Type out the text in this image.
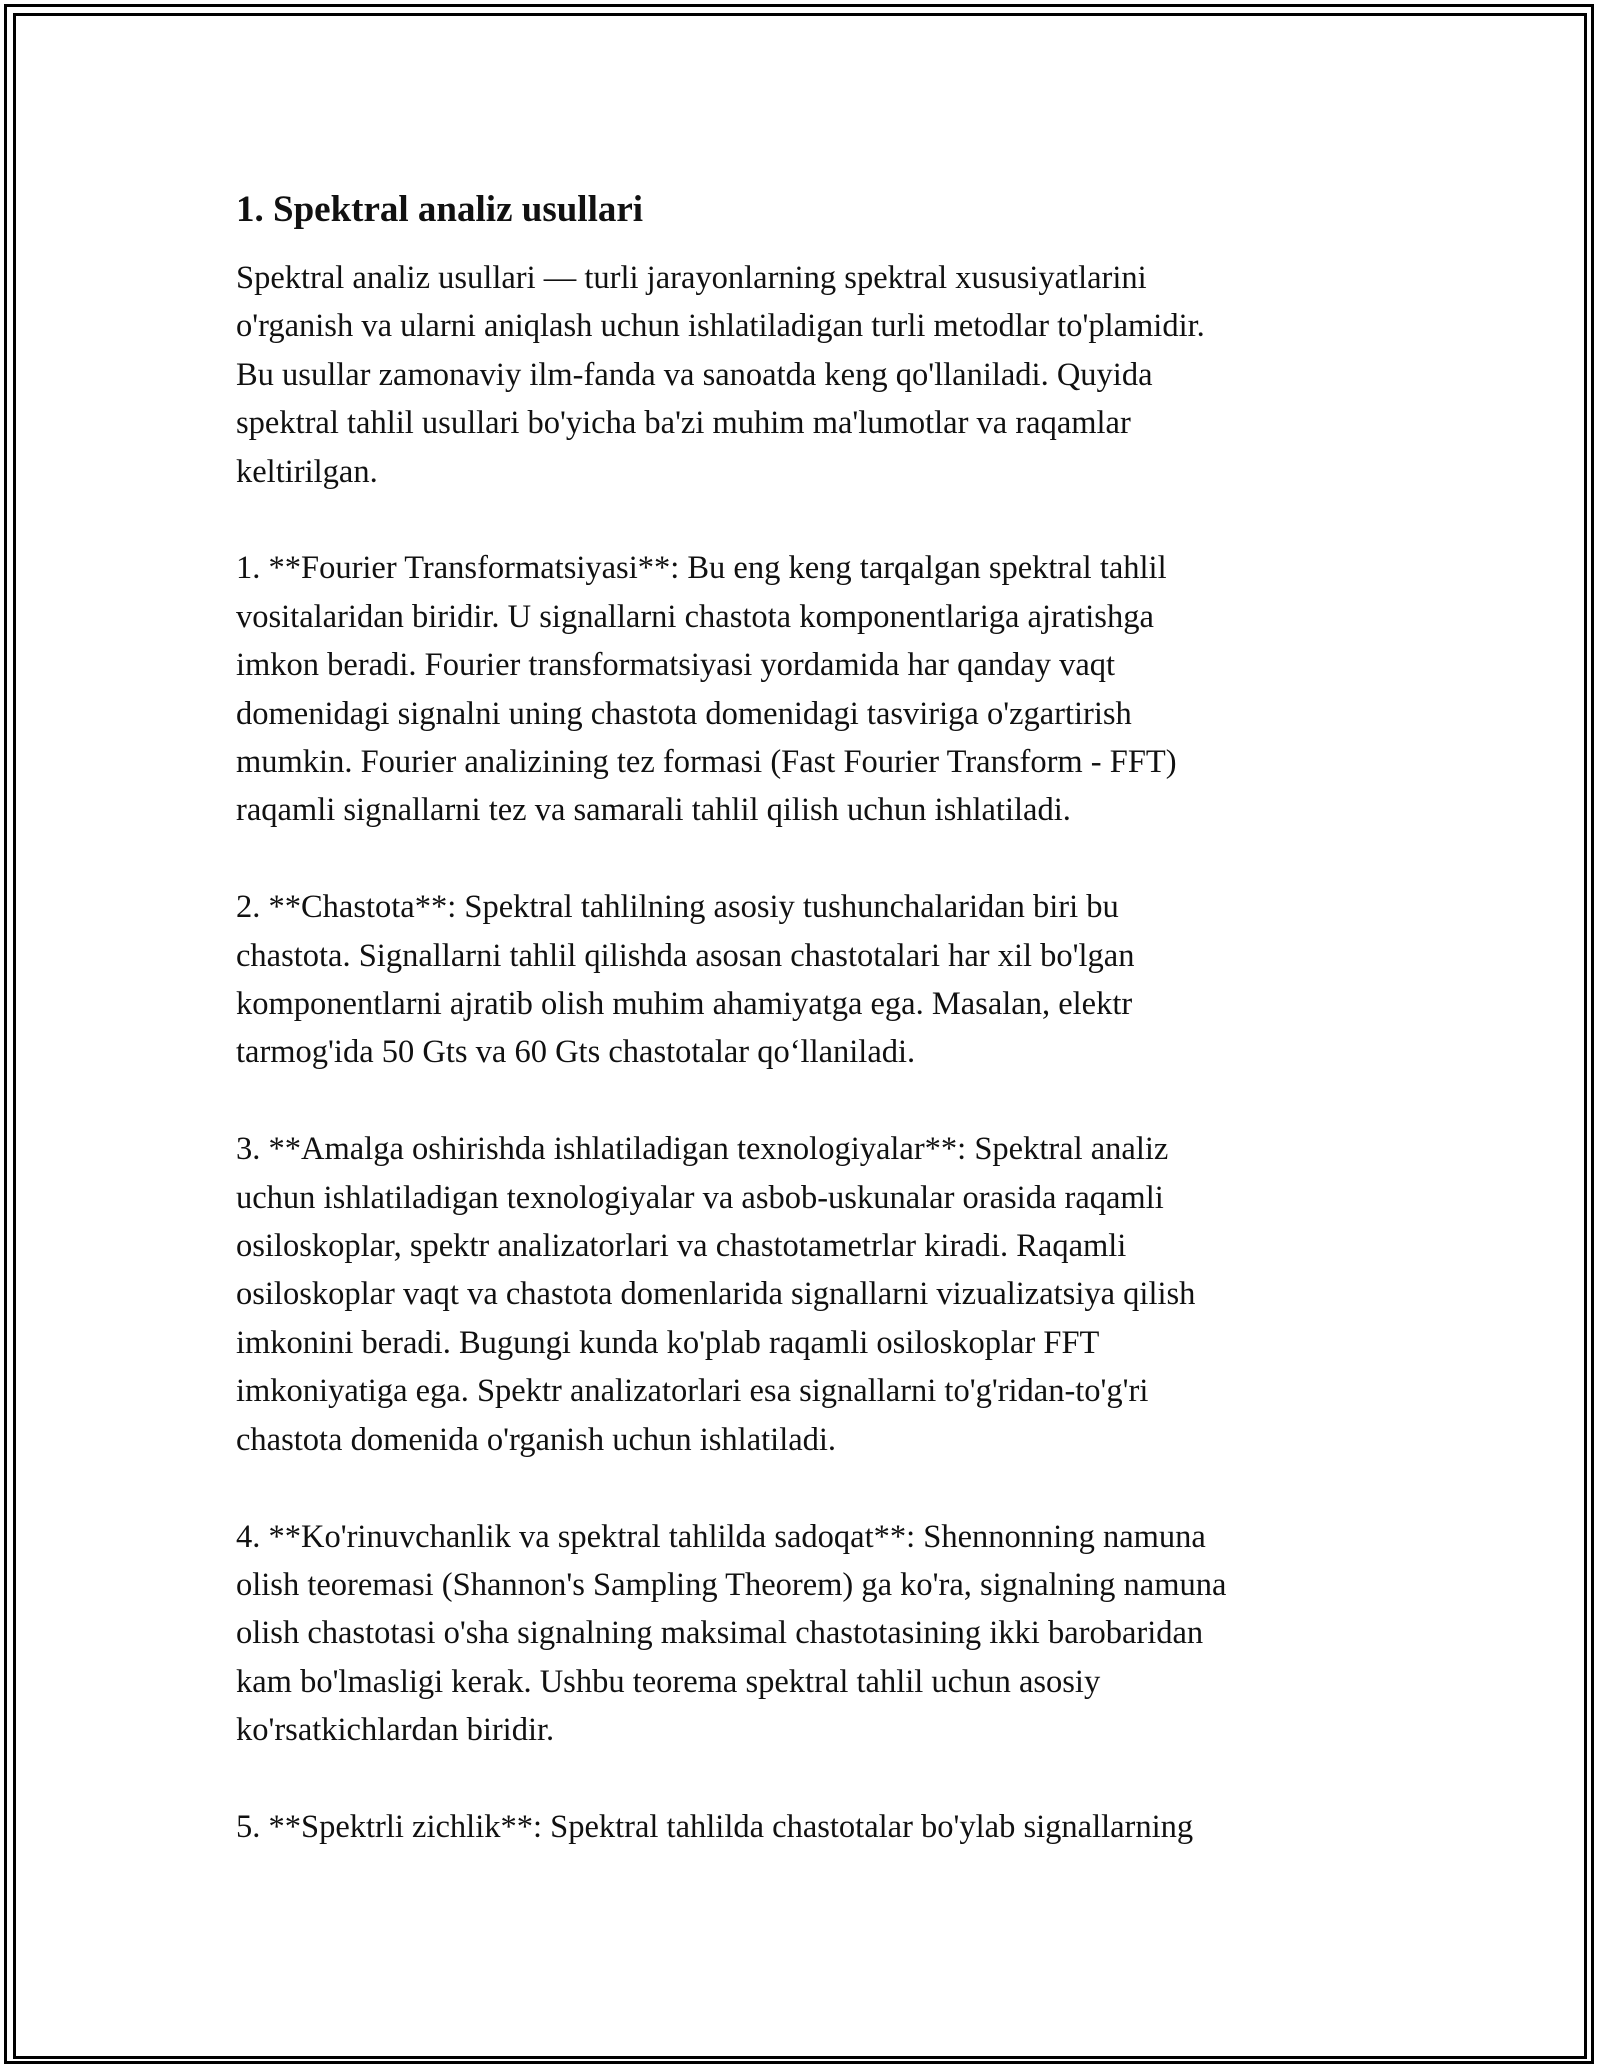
1. Spektral analiz usullari

Spektral analiz usullari — turli jarayonlarning spektral xususiyatlarini
o'rganish va ularni aniqlash uchun ishlatiladigan turli metodlar to'plamidir.
Bu usullar zamonaviy ilm-fanda va sanoatda keng qo'llaniladi. Quyida
spektral tahlil usullari bo'yicha ba'zi muhim ma'lumotlar va raqamlar
keltirilgan.

1. **Fourier Transformatsiyasi**: Bu eng keng tarqalgan spektral tahlil
vositalaridan biridir. U signallarni chastota komponentlariga ajratishga
imkon beradi. Fourier transformatsiyasi yordamida har qanday vaqt
domenidagi signalni uning chastota domenidagi tasviriga o'zgartirish
mumkin. Fourier analizining tez formasi (Fast Fourier Transform - FFT)
raqamli signallarni tez va samarali tahlil qilish uchun ishlatiladi.

2. **Chastota**: Spektral tahlilning asosiy tushunchalaridan biri bu
chastota. Signallarni tahlil qilishda asosan chastotalari har xil bo'lgan
komponentlarni ajratib olish muhim ahamiyatga ega. Masalan, elektr
tarmog'ida 50 Gts va 60 Gts chastotalar qo‘llaniladi.

3. **Amalga oshirishda ishlatiladigan texnologiyalar**: Spektral analiz
uchun ishlatiladigan texnologiyalar va asbob-uskunalar orasida raqamli
osiloskoplar, spektr analizatorlari va chastotametrlar kiradi. Raqamli
osiloskoplar vaqt va chastota domenlarida signallarni vizualizatsiya qilish
imkonini beradi. Bugungi kunda ko'plab raqamli osiloskoplar FFT
imkoniyatiga ega. Spektr analizatorlari esa signallarni to'g'ridan-to'g'ri
chastota domenida o'rganish uchun ishlatiladi.

4. **Ko'rinuvchanlik va spektral tahlilda sadoqat**: Shennonning namuna
olish teoremasi (Shannon's Sampling Theorem) ga ko'ra, signalning namuna
olish chastotasi o'sha signalning maksimal chastotasining ikki barobaridan
kam bo'lmasligi kerak. Ushbu teorema spektral tahlil uchun asosiy
ko'rsatkichlardan biridir.

5. **Spektrli zichlik**: Spektral tahlilda chastotalar bo'ylab signallarning
